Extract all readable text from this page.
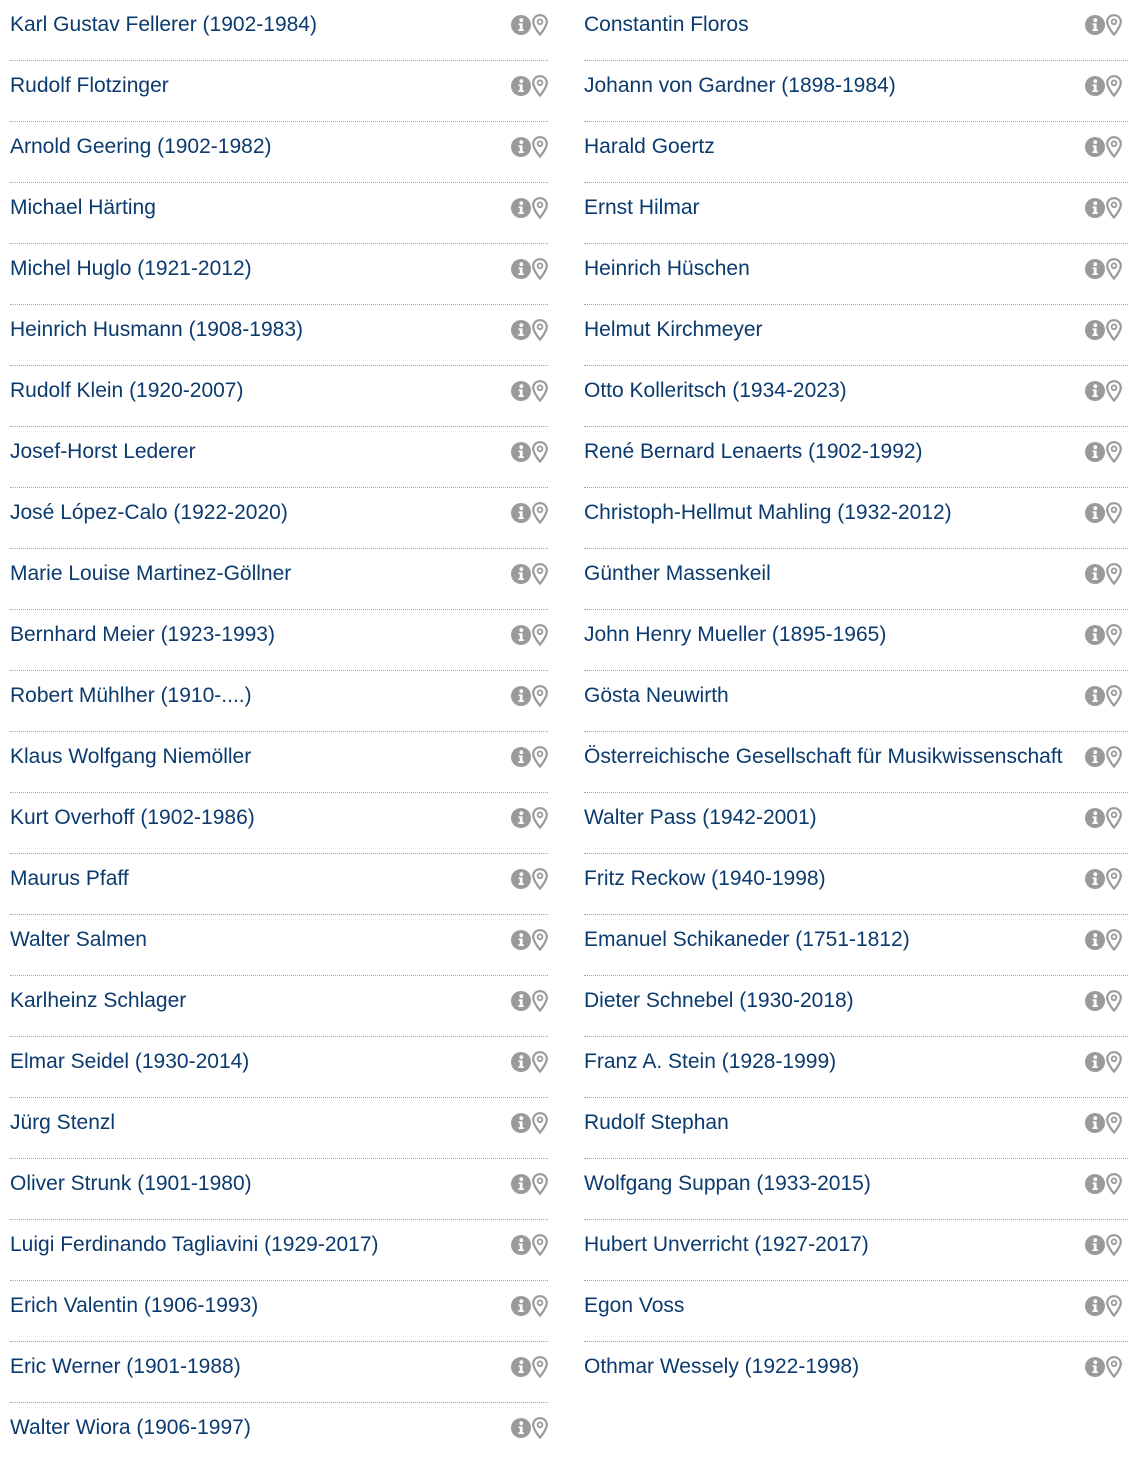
Karl Gustav Fellerer (1902-1984)
Rudolf Flotzinger
Arnold Geering (1902-1982)
Michael Härting
Michel Huglo (1921-2012)
Heinrich Husmann (1908-1983)
Rudolf Klein (1920-2007)
Josef-Horst Lederer
José López-Calo (1922-2020)
Marie Louise Martinez-Göllner
Bernhard Meier (1923-1993)
Robert Mühlher (1910-....)
Klaus Wolfgang Niemöller
Kurt Overhoff (1902-1986)
Maurus Pfaff
Walter Salmen
Karlheinz Schlager
Elmar Seidel (1930-2014)
Jürg Stenzl
Oliver Strunk (1901-1980)
Luigi Ferdinando Tagliavini (1929-2017)
Erich Valentin (1906-1993)
Eric Werner (1901-1988)
Walter Wiora (1906-1997)
Constantin Floros
Johann von Gardner (1898-1984)
Harald Goertz
Ernst Hilmar
Heinrich Hüschen
Helmut Kirchmeyer
Otto Kolleritsch (1934-2023)
René Bernard Lenaerts (1902-1992)
Christoph-Hellmut Mahling (1932-2012)
Günther Massenkeil
John Henry Mueller (1895-1965)
Gösta Neuwirth
Österreichische Gesellschaft für Musikwissenschaft
Walter Pass (1942-2001)
Fritz Reckow (1940-1998)
Emanuel Schikaneder (1751-1812)
Dieter Schnebel (1930-2018)
Franz A. Stein (1928-1999)
Rudolf Stephan
Wolfgang Suppan (1933-2015)
Hubert Unverricht (1927-2017)
Egon Voss
Othmar Wessely (1922-1998)
